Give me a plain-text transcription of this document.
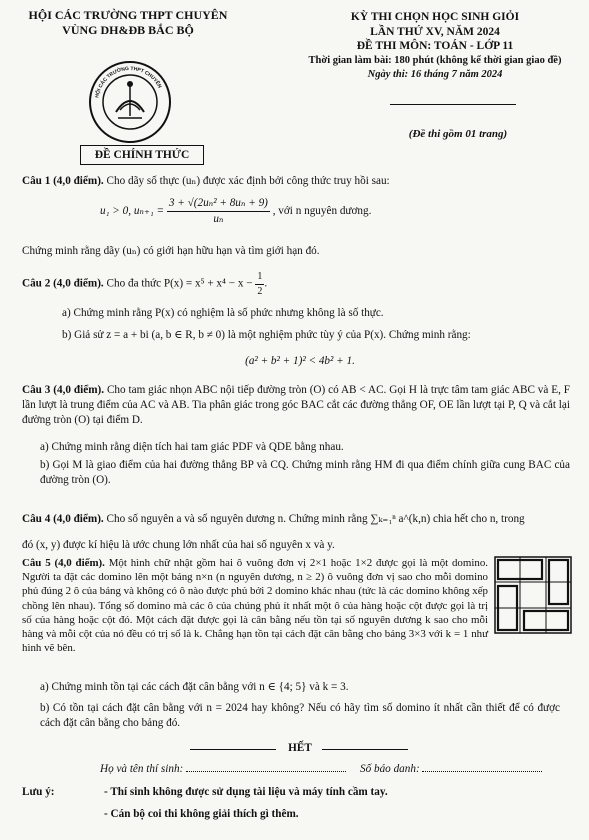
HỘI CÁC TRƯỜNG THPT CHUYÊN
VÙNG DH&ĐB BẮC BỘ
HỘI CÁC TRƯỜNG THPT CHUYÊN
ĐỀ CHÍNH THỨC
KỲ THI CHỌN HỌC SINH GIỎI
LẦN THỨ XV, NĂM 2024
ĐỀ THI MÔN: TOÁN - LỚP 11
Thời gian làm bài: 180 phút (không kể thời gian giao đề)
Ngày thi: 16 tháng 7 năm 2024
(Đề thi gồm 01 trang)
Câu 1 (4,0 điểm). Cho dãy số thực (uₙ) được xác định bởi công thức truy hồi sau:
u₁ > 0, $u_{n+1} = \frac{\text{3 + √(2uₙ² + 8uₙ + 9)}}{\text{uₙ}}$ , với n nguyên dương.
Chứng minh rằng dãy (uₙ) có giới hạn hữu hạn và tìm giới hạn đó.
Câu 2 (4,0 điểm). Cho đa thức $P(x) = x^5 + x^4 - x - \frac{1}{2}$ .
a) Chứng minh rằng P(x) có nghiệm là số phức nhưng không là số thực.
b) Giả sử z = a + bi (a, b ∈ R, b ≠ 0) là một nghiệm phức tùy ý của P(x). Chứng minh rằng:
(a² + b² + 1)² < 4b² + 1.
Câu 3 (4,0 điểm). Cho tam giác nhọn ABC nội tiếp đường tròn (O) có AB < AC. Gọi H là trực tâm tam giác ABC và E, F lần lượt là trung điểm của AC và AB. Tia phân giác trong góc BAC cắt các đường thẳng OF, OE lần lượt tại P, Q và cắt lại đường tròn (O) tại điểm D.
a) Chứng minh rằng diện tích hai tam giác PDF và QDE bằng nhau.
b) Gọi M là giao điểm của hai đường thẳng BP và CQ. Chứng minh rằng HM đi qua điểm chính giữa cung BAC của đường tròn (O).
Câu 4 (4,0 điểm). Cho số nguyên a và số nguyên dương n. Chứng minh rằng ∑ₖ₌₁ⁿ a^(k,n) chia hết cho n, trong
đó (x, y) được kí hiệu là ước chung lớn nhất của hai số nguyên x và y.
Câu 5 (4,0 điểm). Một hình chữ nhật gồm hai ô vuông đơn vị 2×1 hoặc 1×2 được gọi là một domino. Người ta đặt các domino lên một bảng n×n (n nguyên dương, n ≥ 2) ô vuông đơn vị sao cho mỗi domino phủ đúng 2 ô của bảng và không có ô nào được phủ bởi 2 domino khác nhau (tức là các domino không xếp chồng lên nhau). Tổng số domino mà các ô của chúng phủ ít nhất một ô của hàng hoặc cột được gọi là trị số của hàng hoặc cột đó. Một cách đặt được gọi là cân bằng nếu tồn tại số nguyên dương k sao cho mỗi hàng và mỗi cột của nó đều có trị số là k. Chẳng hạn tồn tại cách đặt cân bằng cho bảng 3×3 với k = 1 như hình vẽ bên.
a) Chứng minh tồn tại các cách đặt cân bằng với n ∈ {4; 5} và k = 3.
b) Có tồn tại cách đặt cân bằng với n = 2024 hay không? Nếu có hãy tìm số domino ít nhất cần thiết để có được cách đặt cân bằng cho bảng đó.
HẾT
Họ và tên thí sinh:	Số báo danh:
Lưu ý:	- Thí sinh không được sử dụng tài liệu và máy tính cầm tay.
- Cán bộ coi thi không giải thích gì thêm.
